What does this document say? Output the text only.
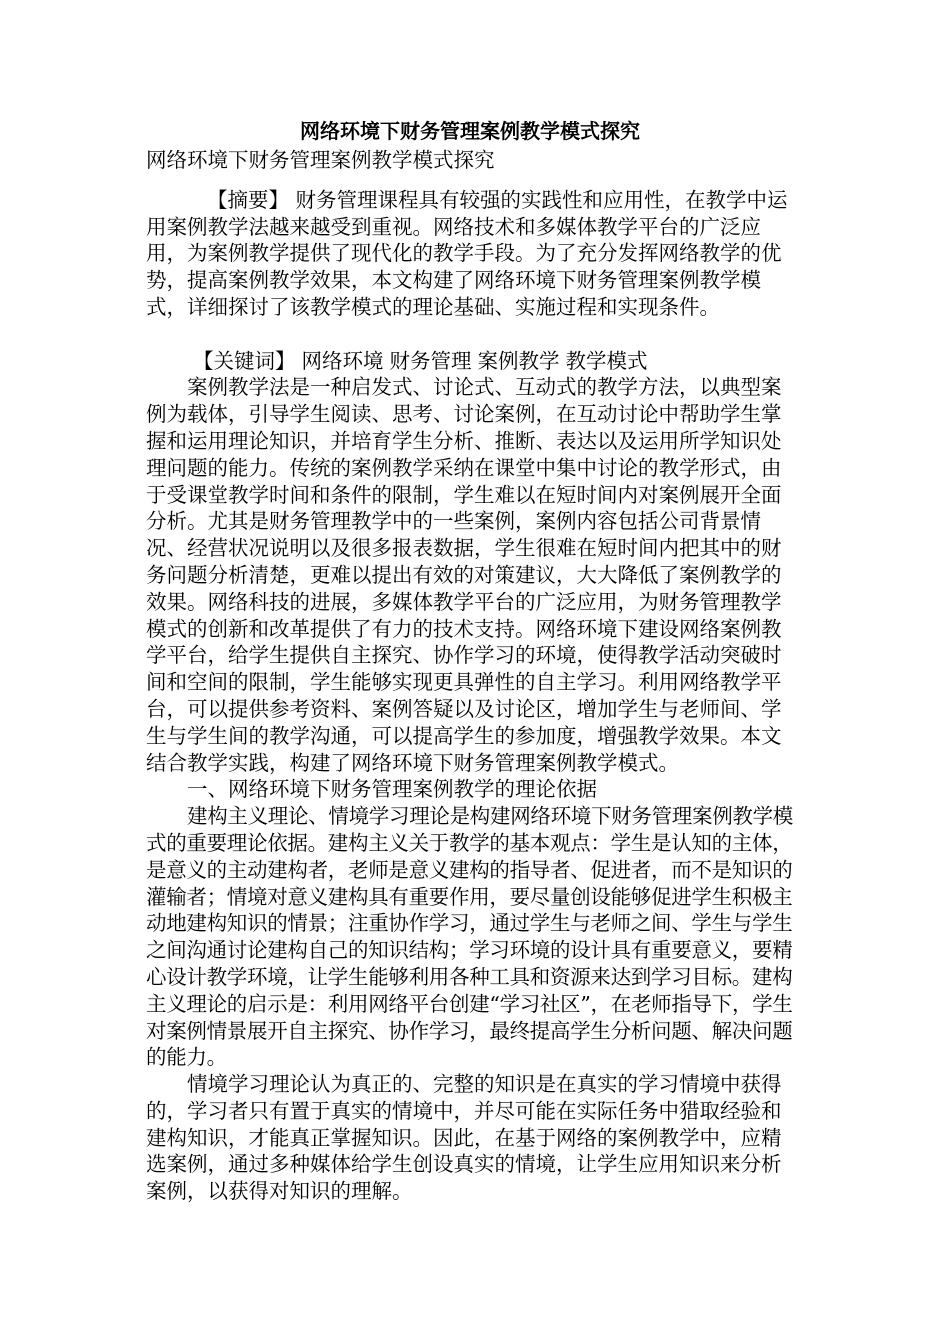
网络环境下财务管理案例教学模式探究

网络环境下财务管理案例教学模式探究

【摘要】 财务管理课程具有较强的实践性和应用性，在教学中运用案例教学法越来越受到重视。网络技术和多媒体教学平台的广泛应用，为案例教学提供了现代化的教学手段。为了充分发挥网络教学的优势，提高案例教学效果，本文构建了网络环境下财务管理案例教学模式，详细探讨了该教学模式的理论基础、实施过程和实现条件。

【关键词】 网络环境 财务管理 案例教学 教学模式

案例教学法是一种启发式、讨论式、互动式的教学方法，以典型案例为载体，引导学生阅读、思考、讨论案例，在互动讨论中帮助学生掌握和运用理论知识，并培育学生分析、推断、表达以及运用所学知识处理问题的能力。传统的案例教学采纳在课堂中集中讨论的教学形式，由于受课堂教学时间和条件的限制，学生难以在短时间内对案例展开全面分析。尤其是财务管理教学中的一些案例，案例内容包括公司背景情况、经营状况说明以及很多报表数据，学生很难在短时间内把其中的财务问题分析清楚，更难以提出有效的对策建议，大大降低了案例教学的效果。网络科技的进展，多媒体教学平台的广泛应用，为财务管理教学模式的创新和改革提供了有力的技术支持。网络环境下建设网络案例教学平台，给学生提供自主探究、协作学习的环境，使得教学活动突破时间和空间的限制，学生能够实现更具弹性的自主学习。利用网络教学平台，可以提供参考资料、案例答疑以及讨论区，增加学生与老师间、学生与学生间的教学沟通，可以提高学生的参加度，增强教学效果。本文结合教学实践，构建了网络环境下财务管理案例教学模式。

一、网络环境下财务管理案例教学的理论依据

建构主义理论、情境学习理论是构建网络环境下财务管理案例教学模式的重要理论依据。建构主义关于教学的基本观点：学生是认知的主体，是意义的主动建构者，老师是意义建构的指导者、促进者，而不是知识的灌输者；情境对意义建构具有重要作用，要尽量创设能够促进学生积极主动地建构知识的情景；注重协作学习，通过学生与老师之间、学生与学生之间沟通讨论建构自己的知识结构；学习环境的设计具有重要意义，要精心设计教学环境，让学生能够利用各种工具和资源来达到学习目标。建构主义理论的启示是：利用网络平台创建“学习社区”，在老师指导下，学生对案例情景展开自主探究、协作学习，最终提高学生分析问题、解决问题的能力。

情境学习理论认为真正的、完整的知识是在真实的学习情境中获得的，学习者只有置于真实的情境中，并尽可能在实际任务中猎取经验和建构知识，才能真正掌握知识。因此，在基于网络的案例教学中，应精选案例，通过多种媒体给学生创设真实的情境，让学生应用知识来分析案例，以获得对知识的理解。
